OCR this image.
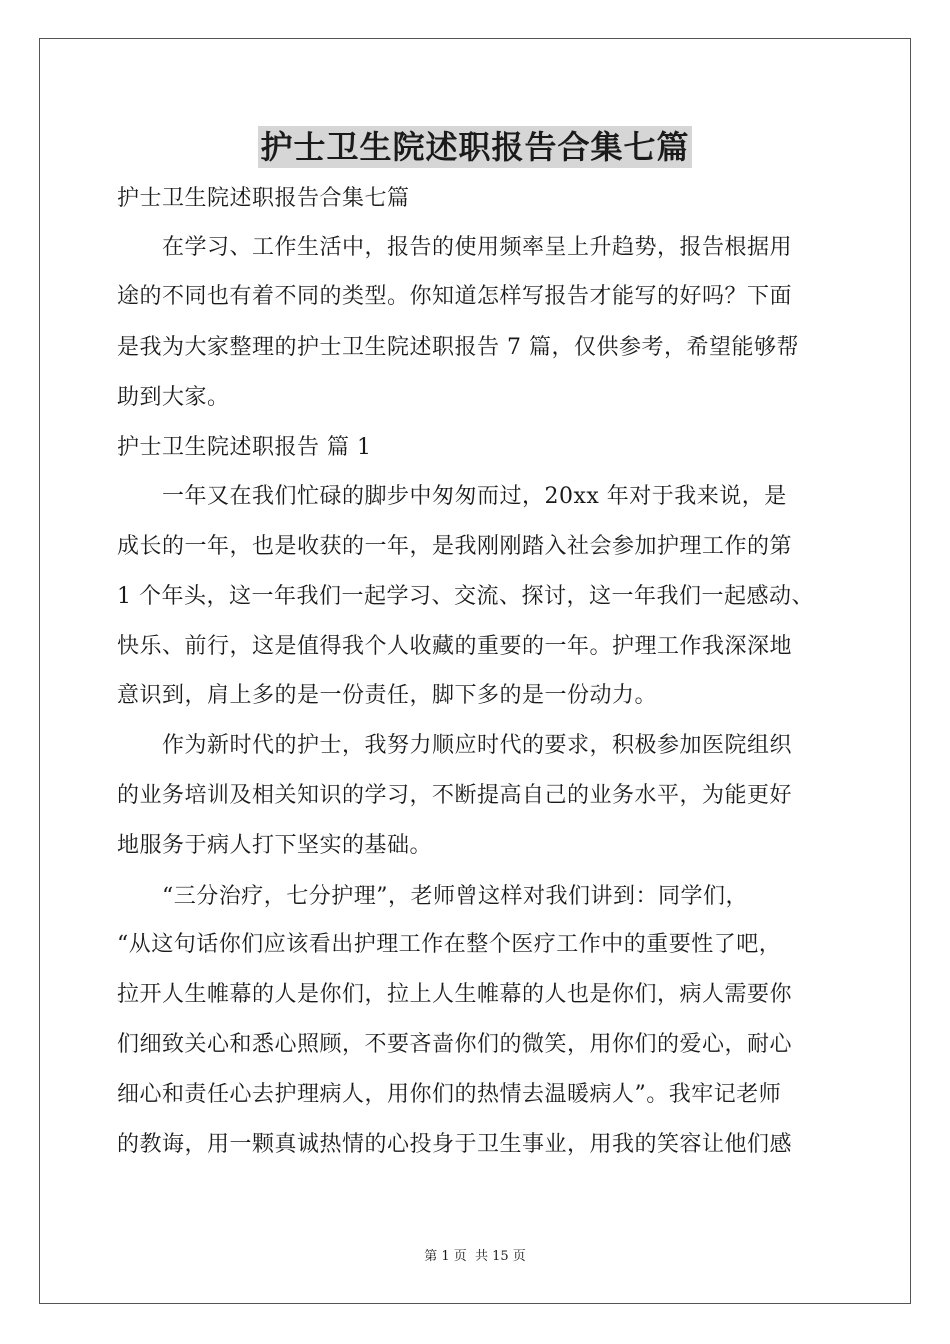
护士卫生院述职报告合集七篇
护士卫生院述职报告合集七篇
　　在学习、工作生活中，报告的使用频率呈上升趋势，报告根据用
途的不同也有着不同的类型。你知道怎样写报告才能写的好吗？下面
是我为大家整理的护士卫生院述职报告 7 篇，仅供参考，希望能够帮
助到大家。
护士卫生院述职报告 篇 1
　　一年又在我们忙碌的脚步中匆匆而过，20xx 年对于我来说，是
成长的一年，也是收获的一年，是我刚刚踏入社会参加护理工作的第
1 个年头，这一年我们一起学习、交流、探讨，这一年我们一起感动、
快乐、前行，这是值得我个人收藏的重要的一年。护理工作我深深地
意识到，肩上多的是一份责任，脚下多的是一份动力。
　　作为新时代的护士，我努力顺应时代的要求，积极参加医院组织
的业务培训及相关知识的学习，不断提高自己的业务水平，为能更好
地服务于病人打下坚实的基础。
　　“三分治疗，七分护理”，老师曾这样对我们讲到：同学们，
“从这句话你们应该看出护理工作在整个医疗工作中的重要性了吧，
拉开人生帷幕的人是你们，拉上人生帷幕的人也是你们，病人需要你
们细致关心和悉心照顾，不要吝啬你们的微笑，用你们的爱心，耐心
细心和责任心去护理病人，用你们的热情去温暖病人”。我牢记老师
的教诲，用一颗真诚热情的心投身于卫生事业，用我的笑容让他们感
第 1 页 共 15 页
